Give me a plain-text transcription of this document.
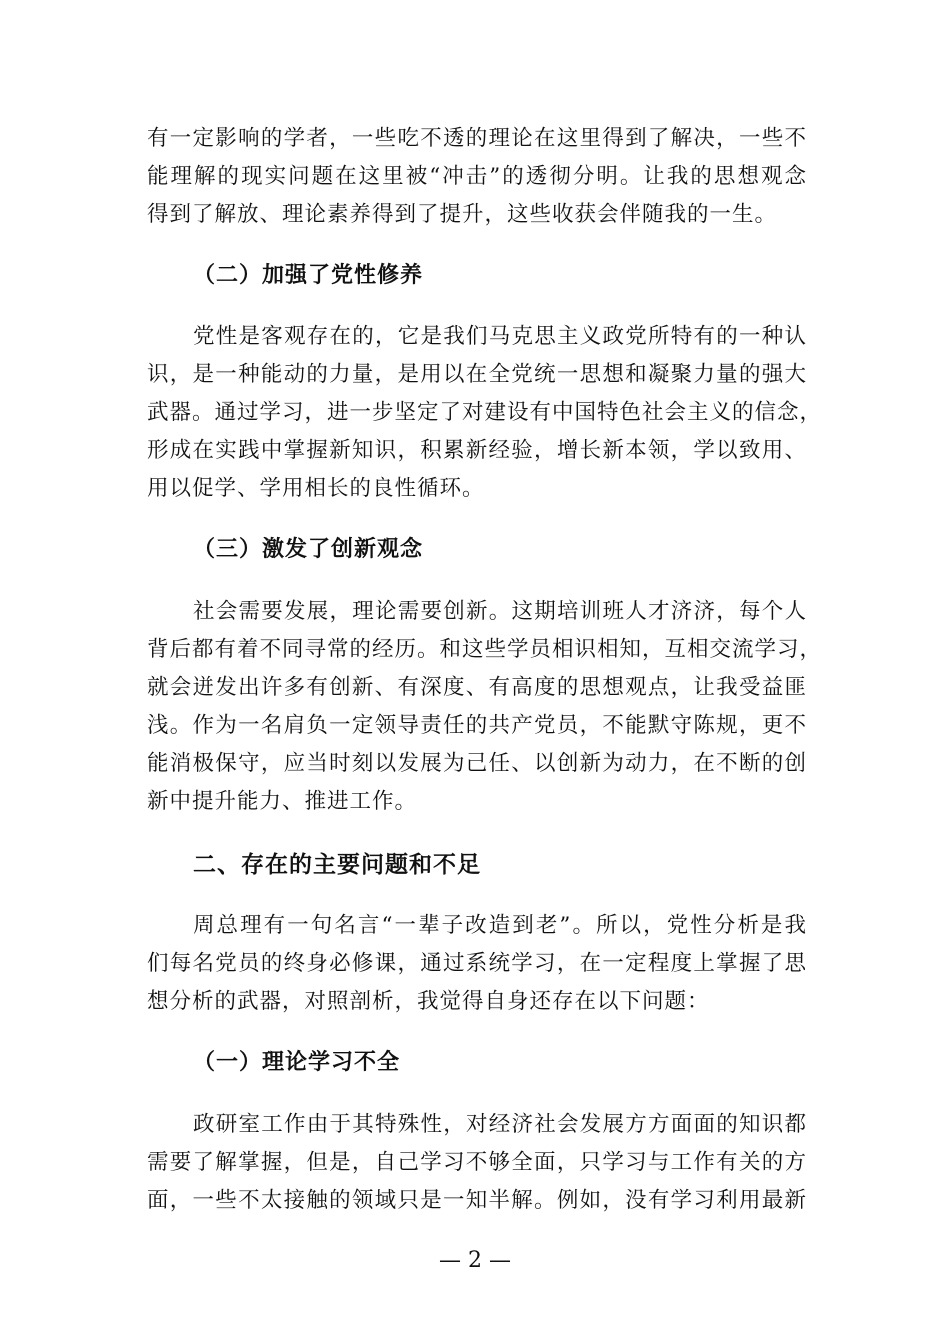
有一定影响的学者，一些吃不透的理论在这里得到了解决，一些不
能理解的现实问题在这里被“冲击”的透彻分明。让我的思想观念
得到了解放、理论素养得到了提升，这些收获会伴随我的一生。
（二）加强了党性修养
党性是客观存在的，它是我们马克思主义政党所特有的一种认
识，是一种能动的力量，是用以在全党统一思想和凝聚力量的强大
武器。通过学习，进一步坚定了对建设有中国特色社会主义的信念，
形成在实践中掌握新知识，积累新经验，增长新本领，学以致用、
用以促学、学用相长的良性循环。
（三）激发了创新观念
社会需要发展，理论需要创新。这期培训班人才济济，每个人
背后都有着不同寻常的经历。和这些学员相识相知，互相交流学习，
就会迸发出许多有创新、有深度、有高度的思想观点，让我受益匪
浅。作为一名肩负一定领导责任的共产党员，不能默守陈规，更不
能消极保守，应当时刻以发展为己任、以创新为动力，在不断的创
新中提升能力、推进工作。
二、存在的主要问题和不足
周总理有一句名言“一辈子改造到老”。所以，党性分析是我
们每名党员的终身必修课，通过系统学习，在一定程度上掌握了思
想分析的武器，对照剖析，我觉得自身还存在以下问题：
（一）理论学习不全
政研室工作由于其特殊性，对经济社会发展方方面面的知识都
需要了解掌握，但是，自己学习不够全面，只学习与工作有关的方
面，一些不太接触的领域只是一知半解。例如，没有学习利用最新
— 2 —
